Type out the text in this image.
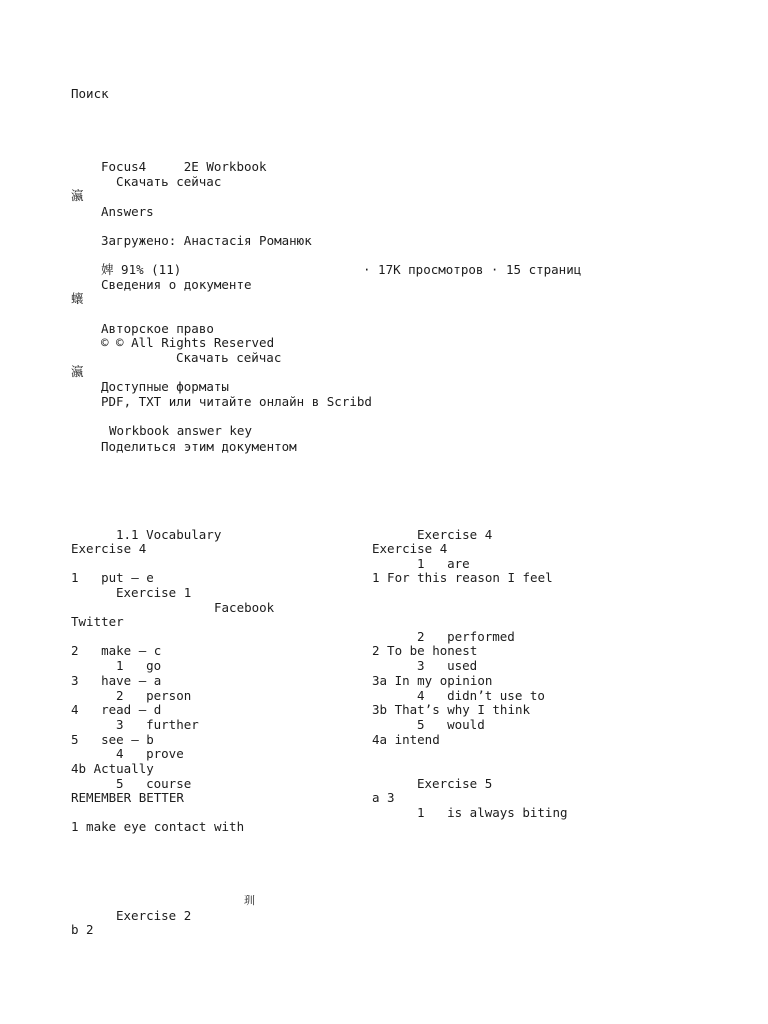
Поиск
Focus4     2E Workbook
Скачать сейчас
瀛
Answers
Загружено: Анастасія Романюк
婢 91% (11)	· 17K просмотров · 15 страниц
Сведения о документе
蠰
Авторское право
© © All Rights Reserved
Скачать сейчас
瀛
Доступные форматы
PDF, TXT или читайте онлайн в Scribd
Workbook answer key
Поделиться этим документом
1.1 Vocabulary
Exercise 4
1   put – e
Exercise 1
2   make – c
1   go
3   have – a
2   person
4   read – d
3   further
5   see – b
4   prove
4b Actually
5   course
REMEMBER BETTER
1 make eye contact with
Exercise 2
b 2
Facebook
Twitter
Exercise 4
Exercise 4
1   are
1 For this reason I feel
2   performed
2 To be honest
3   used
3a In my opinion
4   didn’t use to
3b That’s why I think
5   would
4a intend
Exercise 5
a 3
1   is always biting
玔
